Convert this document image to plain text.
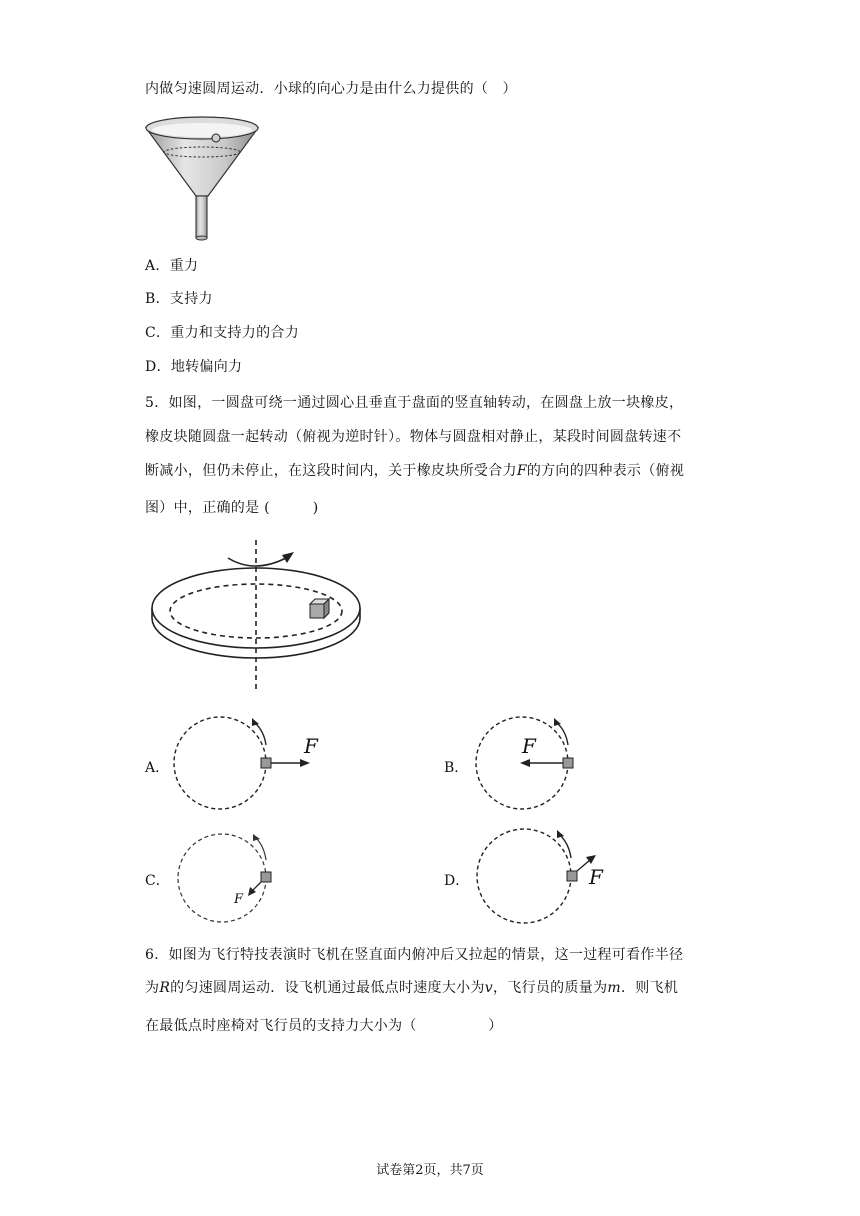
内做匀速圆周运动．小球的向心力是由什么力提供的（　）
A．重力
B．支持力
C．重力和支持力的合力
D．地转偏向力
5．如图，一圆盘可绕一通过圆心且垂直于盘面的竖直轴转动，在圆盘上放一块橡皮，
橡皮块随圆盘一起转动（俯视为逆时针）。物体与圆盘相对静止，某段时间圆盘转速不
断减小，但仍未停止，在这段时间内，关于橡皮块所受合力F的方向的四种表示（俯视
图）中，正确的是 (　　　)
A．
F
B．
F
C．
F
D．	F
6．如图为飞行特技表演时飞机在竖直面内俯冲后又拉起的情景，这一过程可看作半径
为R的匀速圆周运动．设飞机通过最低点时速度大小为v，飞行员的质量为m．则飞机
在最低点时座椅对飞行员的支持力大小为（　　　　　）
试卷第2页，共7页
